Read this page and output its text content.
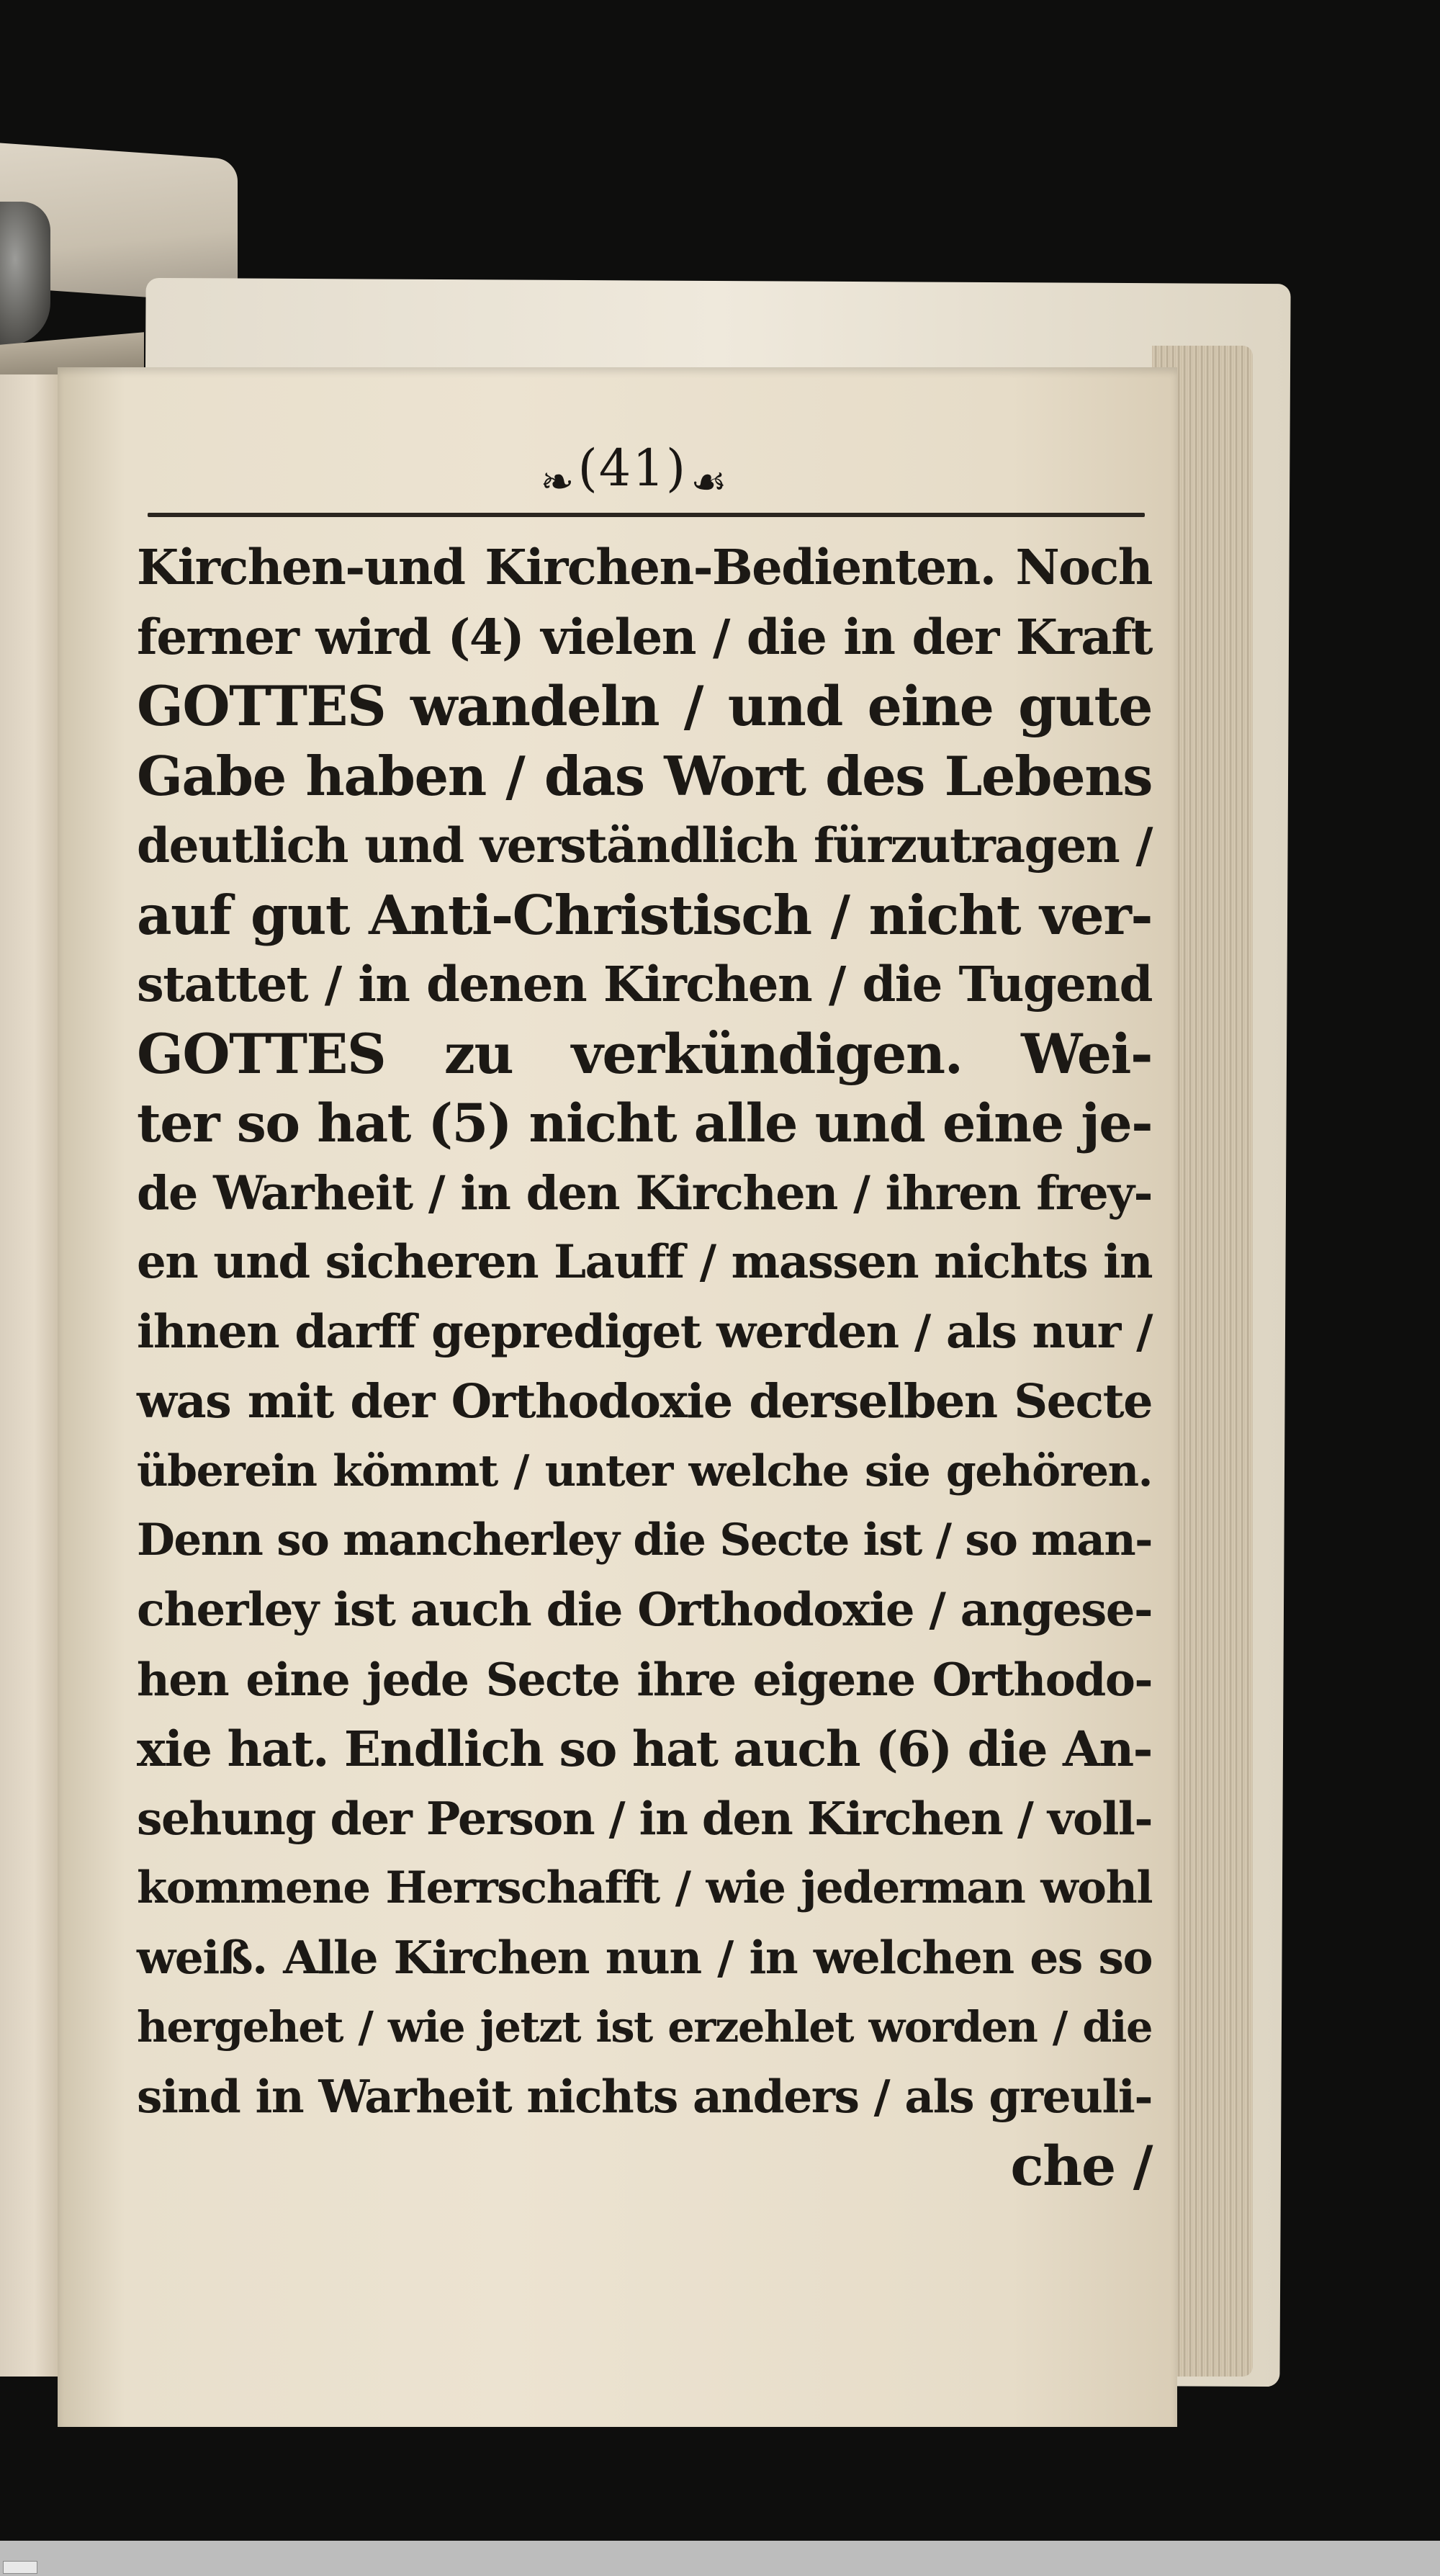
❧ (41) ☙
Kirchen-und Kirchen-Bedienten. Noch
ferner wird (4) vielen / die in der Kraft
GOTTES wandeln / und eine gute
Gabe haben / das Wort des Lebens
deutlich und verständlich fürzutragen /
auf gut Anti-Christisch / nicht ver-
stattet / in denen Kirchen / die Tugend
GOTTES zu verkündigen. Wei-
ter so hat (5) nicht alle und eine je-
de Warheit / in den Kirchen / ihren frey-
en und sicheren Lauff / massen nichts in
ihnen darff geprediget werden / als nur /
was mit der Orthodoxie derselben Secte
überein kömmt / unter welche sie gehören.
Denn so mancherley die Secte ist / so man-
cherley ist auch die Orthodoxie / angese-
hen eine jede Secte ihre eigene Orthodo-
xie hat. Endlich so hat auch (6) die An-
sehung der Person / in den Kirchen / voll-
kommene Herrschafft / wie jederman wohl
weiß. Alle Kirchen nun / in welchen es so
hergehet / wie jetzt ist erzehlet worden / die
sind in Warheit nichts anders / als greuli-
che /
